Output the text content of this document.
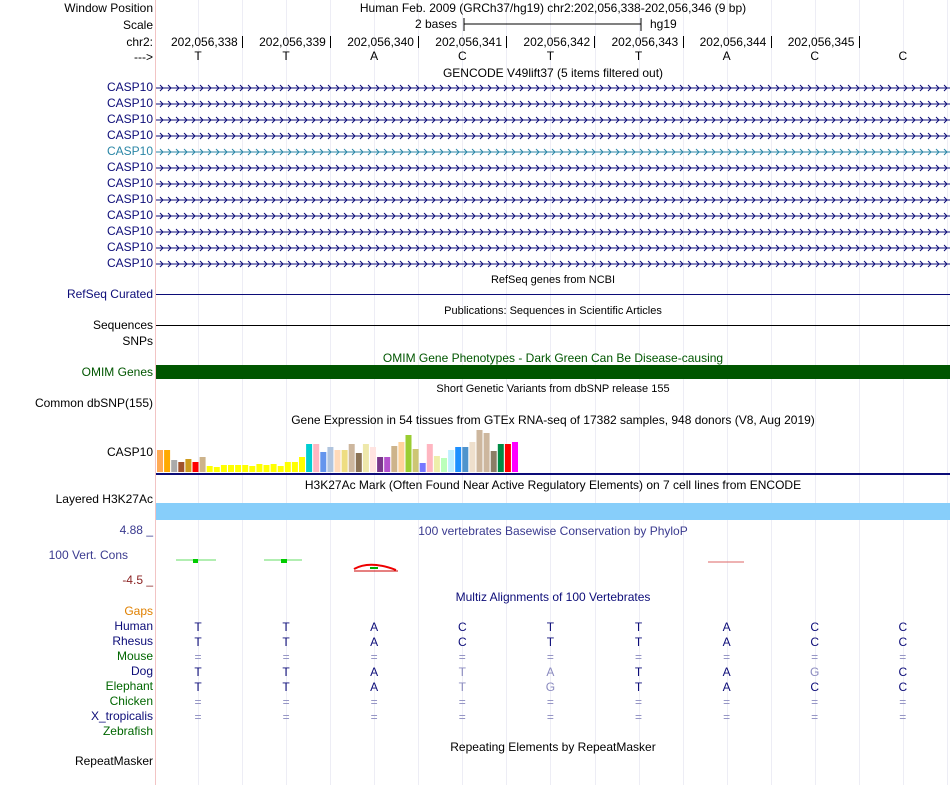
Window Position	Human Feb. 2009 (GRCh37/hg19) chr2:202,056,338-202,056,346 (9 bp)
Scale	2 bases	hg19
chr2: 202,056,338 202,056,339 202,056,340 202,056,341 202,056,342 202,056,343 202,056,344 202,056,345
--->	T	T	A	C	T	T	A	C	C
GENCODE V49lift37 (5 items filtered out)
CASP10
CASP10
CASP10
CASP10
CASP10
CASP10
CASP10
CASP10
CASP10
CASP10
CASP10
CASP10
RefSeq genes from NCBI
RefSeq Curated
Publications: Sequences in Scientific Articles
Sequences
SNPs
OMIM Gene Phenotypes - Dark Green Can Be Disease-causing
OMIM Genes
Short Genetic Variants from dbSNP release 155
Common dbSNP(155)
Gene Expression in 54 tissues from GTEx RNA-seq of 17382 samples, 948 donors (V8, Aug 2019)
CASP10
H3K27Ac Mark (Often Found Near Active Regulatory Elements) on 7 cell lines from ENCODE
Layered H3K27Ac
100 vertebrates Basewise Conservation by PhyloP
4.88 _
100 Vert. Cons
-4.5 _
Multiz Alignments of 100 Vertebrates
Gaps
Human	T	T	A	C	T	T	A	C	C
Rhesus	T	T	A	C	T	T	A	C	C
Mouse	=	=	=	=	=	=	=	=	=
Dog	T	T	A	T	A	T	A	G	C
Elephant	T	T	A	T	G	T	A	C	C
Chicken	=	=	=	=	=	=	=	=	=
X_tropicalis	=	=	=	=	=	=	=	=	=
Zebrafish
Repeating Elements by RepeatMasker
RepeatMasker
